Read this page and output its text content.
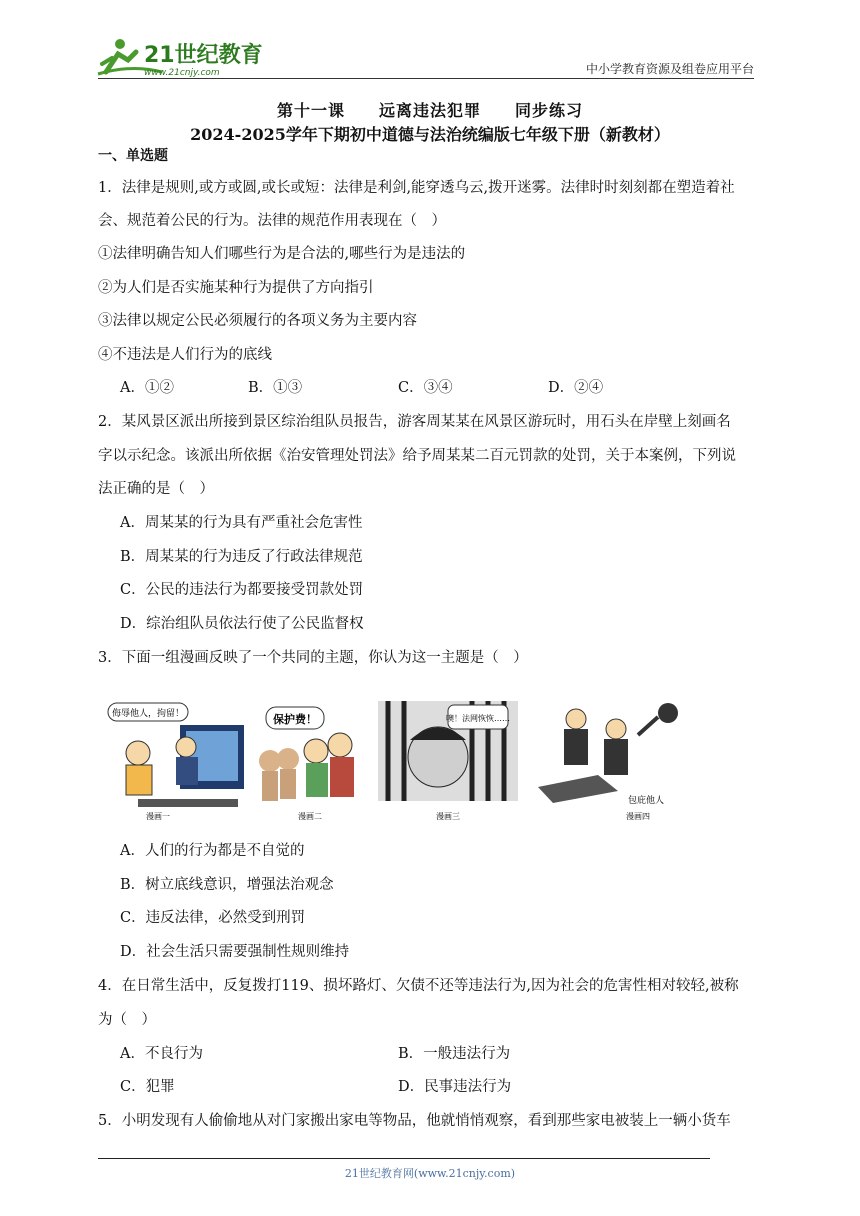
21世纪教育
www.21cnjy.com	中小学教育资源及组卷应用平台
第十一课　　远离违法犯罪　　同步练习
2024-2025学年下期初中道德与法治统编版七年级下册（新教材）
一、单选题
1．法律是规则,或方或圆,或长或短：法律是利剑,能穿透乌云,拨开迷雾。法律时时刻刻都在塑造着社
会、规范着公民的行为。法律的规范作用表现在（　）
①法律明确告知人们哪些行为是合法的,哪些行为是违法的
②为人们是否实施某种行为提供了方向指引
③法律以规定公民必须履行的各项义务为主要内容
④不违法是人们行为的底线
A．①②	B．①③	C．③④	D．②④
2．某风景区派出所接到景区综治组队员报告，游客周某某在风景区游玩时，用石头在岸壁上刻画名
字以示纪念。该派出所依据《治安管理处罚法》给予周某某二百元罚款的处罚，关于本案例，下列说
法正确的是（　）
A．周某某的行为具有严重社会危害性
B．周某某的行为违反了行政法律规范
C．公民的违法行为都要接受罚款处罚
D．综治组队员依法行使了公民监督权
3．下面一组漫画反映了一个共同的主题，你认为这一主题是（　）
侮辱他人，拘留！
漫画一
保护费！
漫画二
噢！法网恢恢……
漫画三
包庇他人
漫画四
A．人们的行为都是不自觉的
B．树立底线意识，增强法治观念
C．违反法律，必然受到刑罚
D．社会生活只需要强制性规则维持
4．在日常生活中，反复拨打119、损坏路灯、欠债不还等违法行为,因为社会的危害性相对较轻,被称
为（　）
A．不良行为	B．一般违法行为
C．犯罪	D．民事违法行为
5．小明发现有人偷偷地从对门家搬出家电等物品，他就悄悄观察，看到那些家电被装上一辆小货车
21世纪教育网(www.21cnjy.com)
